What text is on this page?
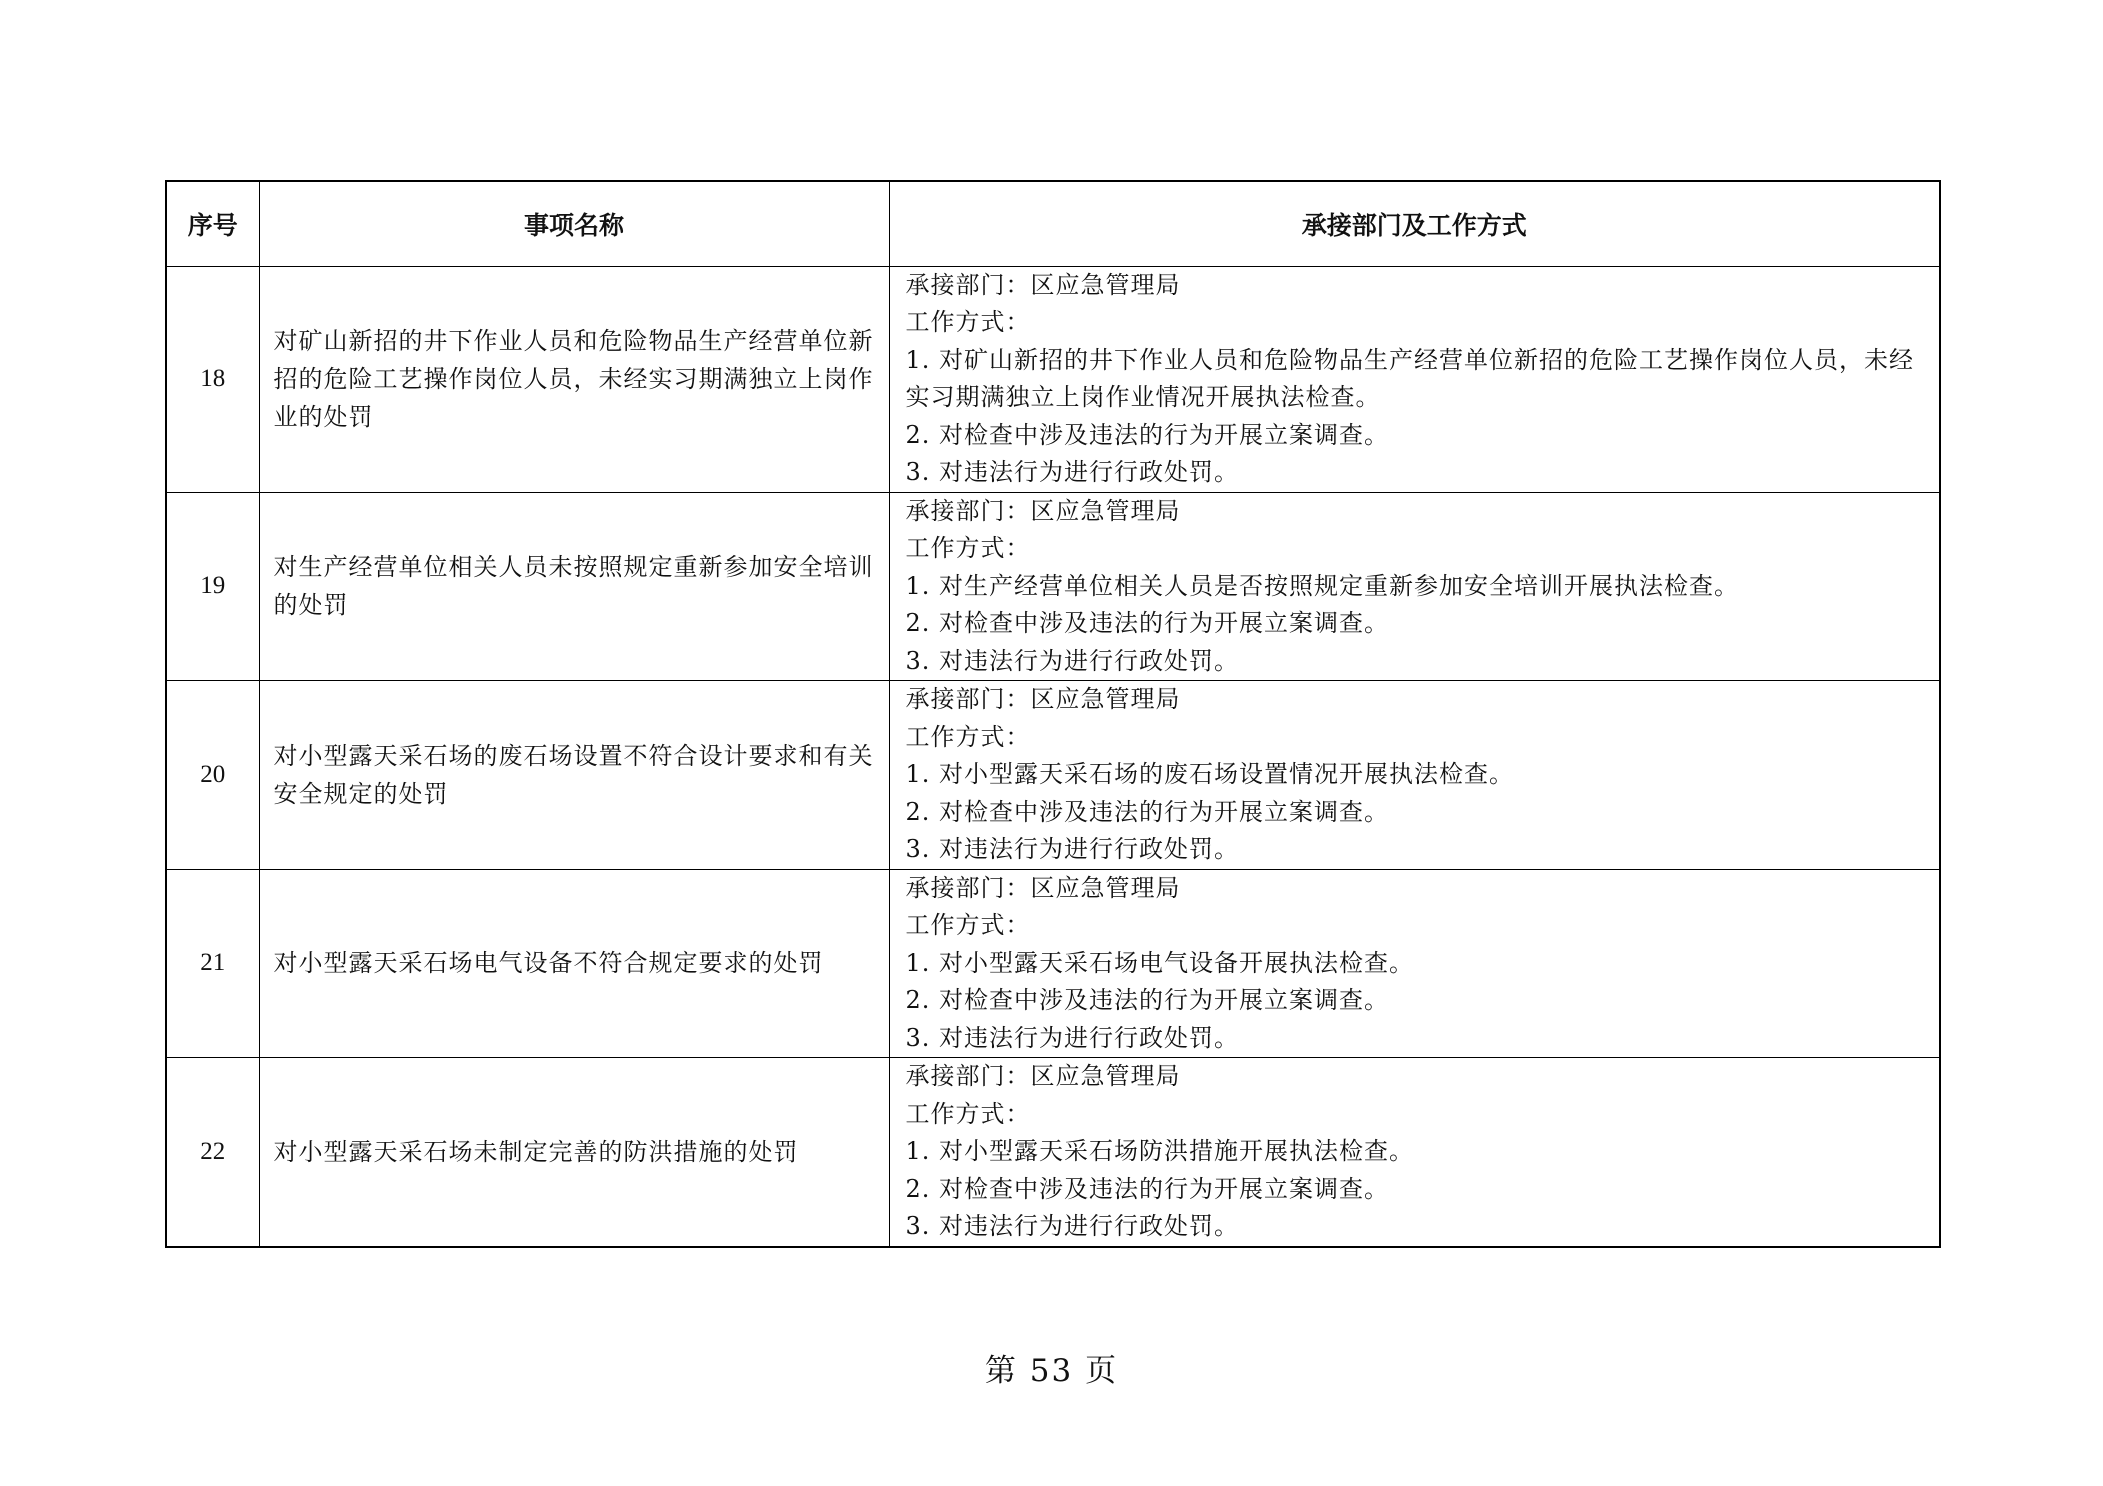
序号	事项名称	承接部门及工作方式
18	对矿山新招的井下作业人员和危险物品生产经营单位新招的危险工艺操作岗位人员，未经实习期满独立上岗作业的处罚	承接部门：区应急管理局
工作方式：
1. 对矿山新招的井下作业人员和危险物品生产经营单位新招的危险工艺操作岗位人员，未经实习期满独立上岗作业情况开展执法检查。
2. 对检查中涉及违法的行为开展立案调查。
3. 对违法行为进行行政处罚。

19	对生产经营单位相关人员未按照规定重新参加安全培训的处罚	承接部门：区应急管理局
工作方式：
1. 对生产经营单位相关人员是否按照规定重新参加安全培训开展执法检查。
2. 对检查中涉及违法的行为开展立案调查。
3. 对违法行为进行行政处罚。

20	对小型露天采石场的废石场设置不符合设计要求和有关安全规定的处罚	承接部门：区应急管理局
工作方式：
1. 对小型露天采石场的废石场设置情况开展执法检查。
2. 对检查中涉及违法的行为开展立案调查。
3. 对违法行为进行行政处罚。

21	对小型露天采石场电气设备不符合规定要求的处罚	承接部门：区应急管理局
工作方式：
1. 对小型露天采石场电气设备开展执法检查。
2. 对检查中涉及违法的行为开展立案调查。
3. 对违法行为进行行政处罚。

22	对小型露天采石场未制定完善的防洪措施的处罚	承接部门：区应急管理局
工作方式：
1. 对小型露天采石场防洪措施开展执法检查。
2. 对检查中涉及违法的行为开展立案调查。
3. 对违法行为进行行政处罚。
第 53 页
